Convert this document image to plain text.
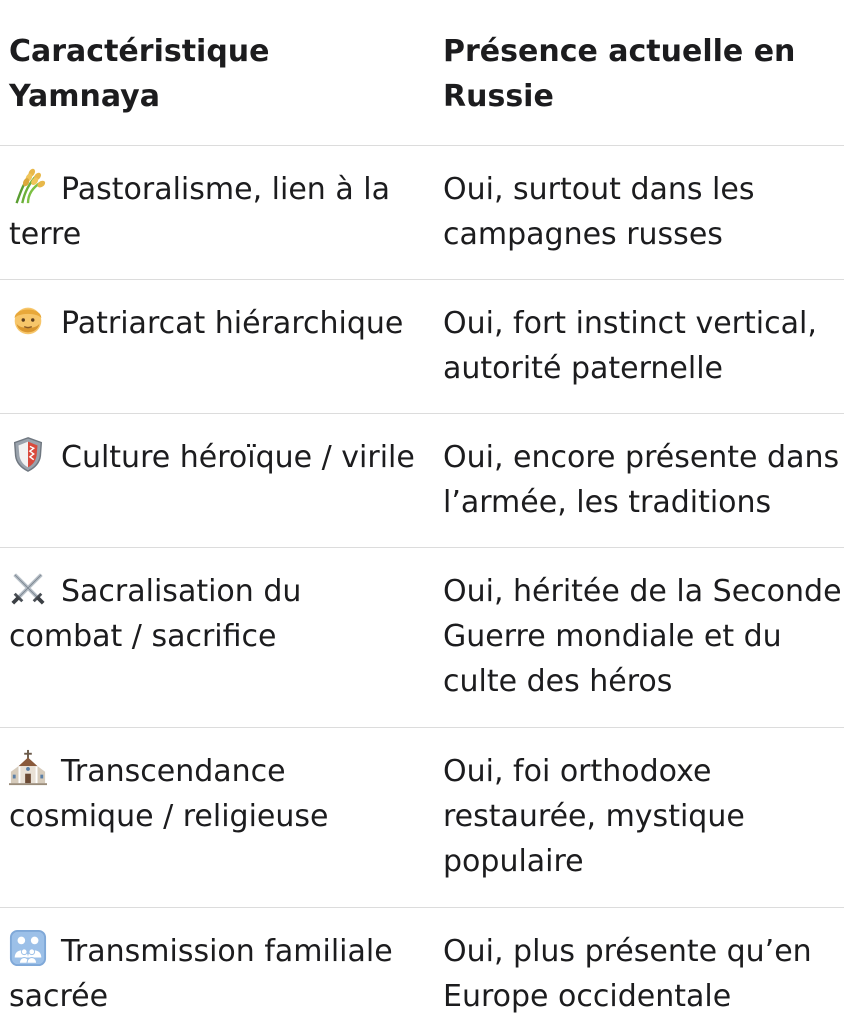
Caractéristique Yamnaya
Présence actuelle en Russie
Pastoralisme, lien à la terre
Oui, surtout dans les campagnes russes
Patriarcat hiérarchique	Oui, fort instinct vertical, autorité paternelle
Culture héroïque / virile Oui, encore présente dans l’armée, les traditions
Sacralisation du combat / sacrifice
Oui, héritée de la Seconde Guerre mondiale et du culte des héros
Transcendance cosmique / religieuse
Oui, foi orthodoxe restaurée, mystique populaire
Transmission familiale sacrée
Oui, plus présente qu’en Europe occidentale
